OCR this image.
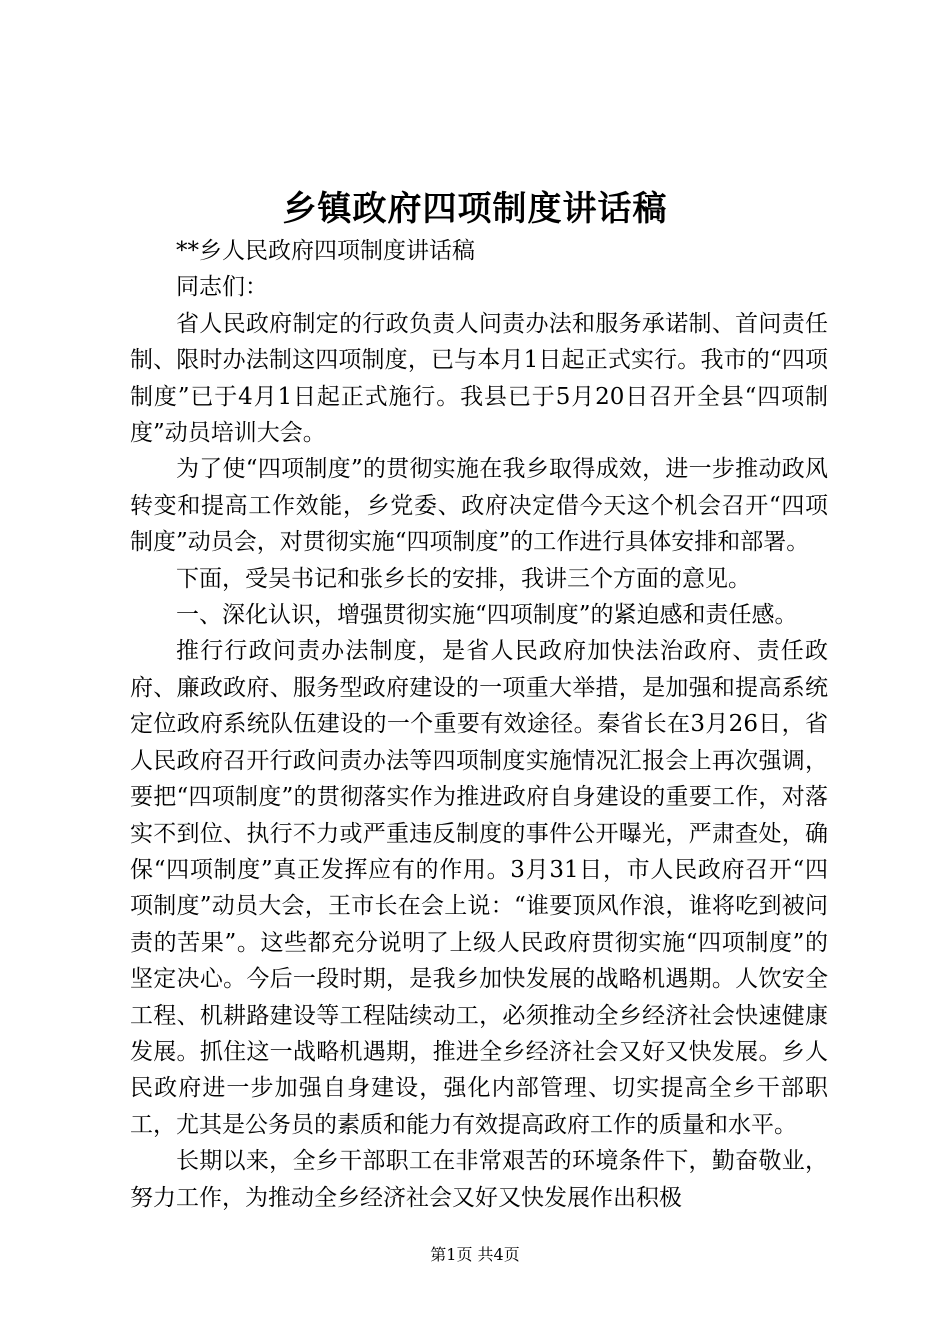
乡镇政府四项制度讲话稿

**乡人民政府四项制度讲话稿

同志们：

省人民政府制定的行政负责人问责办法和服务承诺制、首问责任制、限时办法制这四项制度，已与本月1日起正式实行。我市的“四项制度”已于4月1日起正式施行。我县已于5月20日召开全县“四项制度”动员培训大会。

为了使“四项制度”的贯彻实施在我乡取得成效，进一步推动政风转变和提高工作效能，乡党委、政府决定借今天这个机会召开“四项制度”动员会，对贯彻实施“四项制度”的工作进行具体安排和部署。

下面，受吴书记和张乡长的安排，我讲三个方面的意见。

一、深化认识，增强贯彻实施“四项制度”的紧迫感和责任感。

推行行政问责办法制度，是省人民政府加快法治政府、责任政府、廉政政府、服务型政府建设的一项重大举措，是加强和提高系统定位政府系统队伍建设的一个重要有效途径。秦省长在3月26日，省人民政府召开行政问责办法等四项制度实施情况汇报会上再次强调，要把“四项制度”的贯彻落实作为推进政府自身建设的重要工作，对落实不到位、执行不力或严重违反制度的事件公开曝光，严肃查处，确保“四项制度”真正发挥应有的作用。3月31日，市人民政府召开“四项制度”动员大会，王市长在会上说：“谁要顶风作浪，谁将吃到被问责的苦果”。这些都充分说明了上级人民政府贯彻实施“四项制度”的坚定决心。今后一段时期，是我乡加快发展的战略机遇期。人饮安全工程、机耕路建设等工程陆续动工，必须推动全乡经济社会快速健康发展。抓住这一战略机遇期，推进全乡经济社会又好又快发展。乡人民政府进一步加强自身建设，强化内部管理、切实提高全乡干部职工，尤其是公务员的素质和能力有效提高政府工作的质量和水平。

长期以来，全乡干部职工在非常艰苦的环境条件下，勤奋敬业，努力工作，为推动全乡经济社会又好又快发展作出积极

第1页 共4页
